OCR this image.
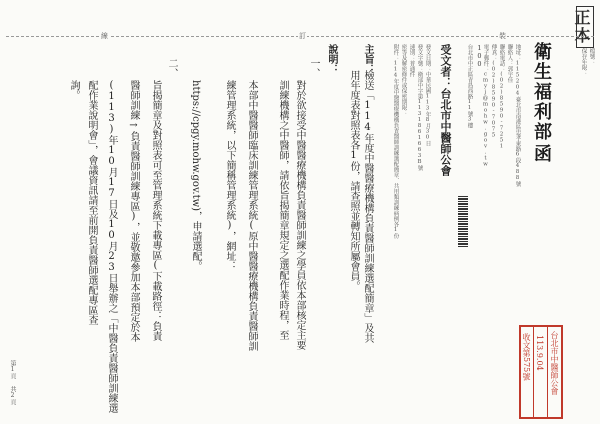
檔號：
保存年限：
正本
裝
訂
線
衛生福利部
函
地址：115204臺北市南港區忠孝東路6段488號
聯絡人：郭宇佳
聯絡電話：(02)8590-7251
傳真：(02)8590-7075
電子郵件：cmyj@mohw.gov.tw
100
台北市中正區青島西路11號3樓
受文者：台北市中醫師公會
發文日期：中華民國113年8月30日
發文字號：衛部中字第1131861663B號
速別：普通件
密等及解密條件或保密期限：
附件：114年度中醫醫療機構負責醫師訓練選配簡章、共用類訓練病例各1份
主旨：
檢送「114年度中醫醫療機構負責醫師訓練選配簡章」及共
用年度表對照表各1份，請查照並轉知所屬會員。
說明：
一、
對於欲接受中醫醫療機構負責醫師訓練之學員依本部核定主要
訓練機構之中醫師，請依旨揭簡章規定之選配作業時程，至
本部中醫醫師臨床訓練管理系統(原中醫醫療機構負責醫師訓
練管理系統，以下簡稱管理系統)，網址：
https://cpgy.mohw.gov.tw)，申請選配。
二、
旨揭簡章及對照表可至管理系統下載專區(下載路徑：負責
醫師訓練→負責醫師訓練專區)，並敬邀參加本部預定於本
(113)年10月17日及10月23日舉辦之「中醫負責醫師訓練選
配作業說明會」，會議資訊請至前開負責醫師選配專區查
詢。
第1頁 共2頁	台北市中醫師公會
113.9.04
收文第575號
